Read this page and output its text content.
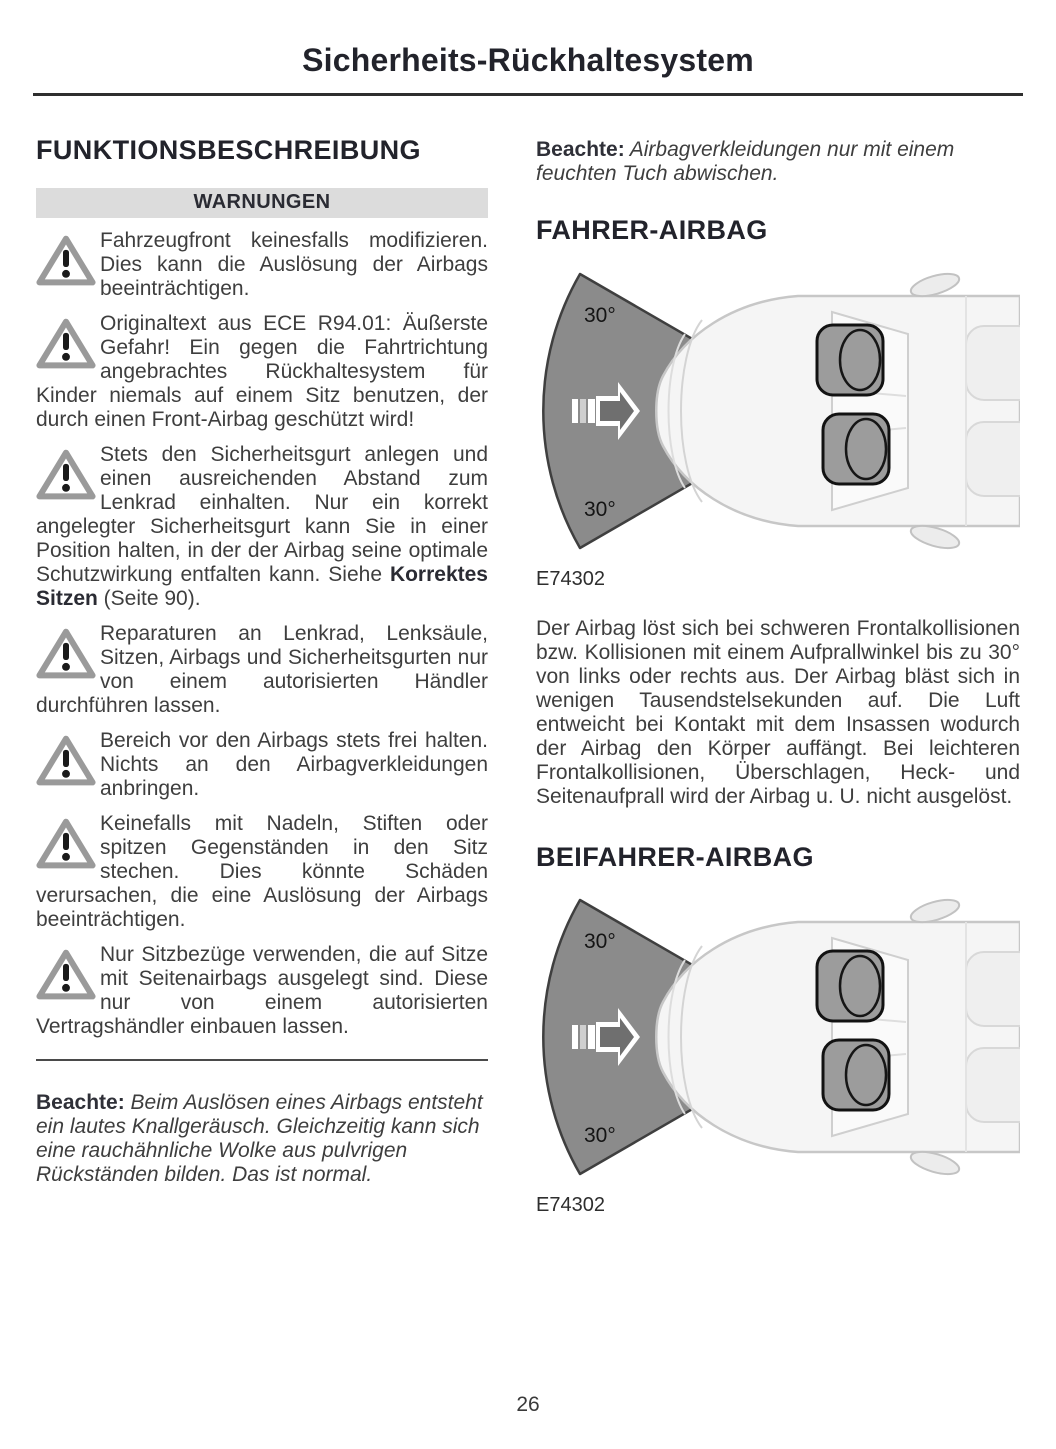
Sicherheits-Rückhaltesystem
FUNKTIONSBESCHREIBUNG
WARNUNGEN
Fahrzeugfront keinesfalls modifizieren. Dies kann die Auslösung der Airbags beeinträchtigen.
Originaltext aus ECE R94.01: Äußerste Gefahr! Ein gegen die Fahrtrichtung angebrachtes Rückhaltesystem für Kinder niemals auf einem Sitz benutzen, der durch einen Front-Airbag geschützt wird!
Stets den Sicherheitsgurt anlegen und einen ausreichenden Abstand zum Lenkrad einhalten. Nur ein korrekt angelegter Sicherheitsgurt kann Sie in einer Position halten, in der der Airbag seine optimale Schutzwirkung entfalten kann. Siehe Korrektes Sitzen (Seite 90).
Reparaturen an Lenkrad, Lenksäule, Sitzen, Airbags und Sicherheitsgurten nur von einem autorisierten Händler durchführen lassen.
Bereich vor den Airbags stets frei halten. Nichts an den Airbagverkleidungen anbringen.
Keinefalls mit Nadeln, Stiften oder spitzen Gegenständen in den Sitz stechen. Dies könnte Schäden verursachen, die eine Auslösung der Airbags beeinträchtigen.
Nur Sitzbezüge verwenden, die auf Sitze mit Seitenairbags ausgelegt sind. Diese nur von einem autorisierten Vertragshändler einbauen lassen.

Beachte: Beim Auslösen eines Airbags entsteht ein lautes Knallgeräusch. Gleichzeitig kann sich eine rauchähnliche Wolke aus pulvrigen Rückständen bilden. Das ist normal.

Beachte: Airbagverkleidungen nur mit einem feuchten Tuch abwischen.

FAHRER-AIRBAG
30°
30°
E74302

Der Airbag löst sich bei schweren Frontalkollisionen bzw. Kollisionen mit einem Aufprallwinkel bis zu 30° von links oder rechts aus. Der Airbag bläst sich in wenigen Tausendstelsekunden auf. Die Luft entweicht bei Kontakt mit dem Insassen wodurch der Airbag den Körper auffängt. Bei leichteren Frontalkollisionen, Überschlagen, Heck- und Seitenaufprall wird der Airbag u. U. nicht ausgelöst.

BEIFAHRER-AIRBAG
30°
30°
E74302
26
